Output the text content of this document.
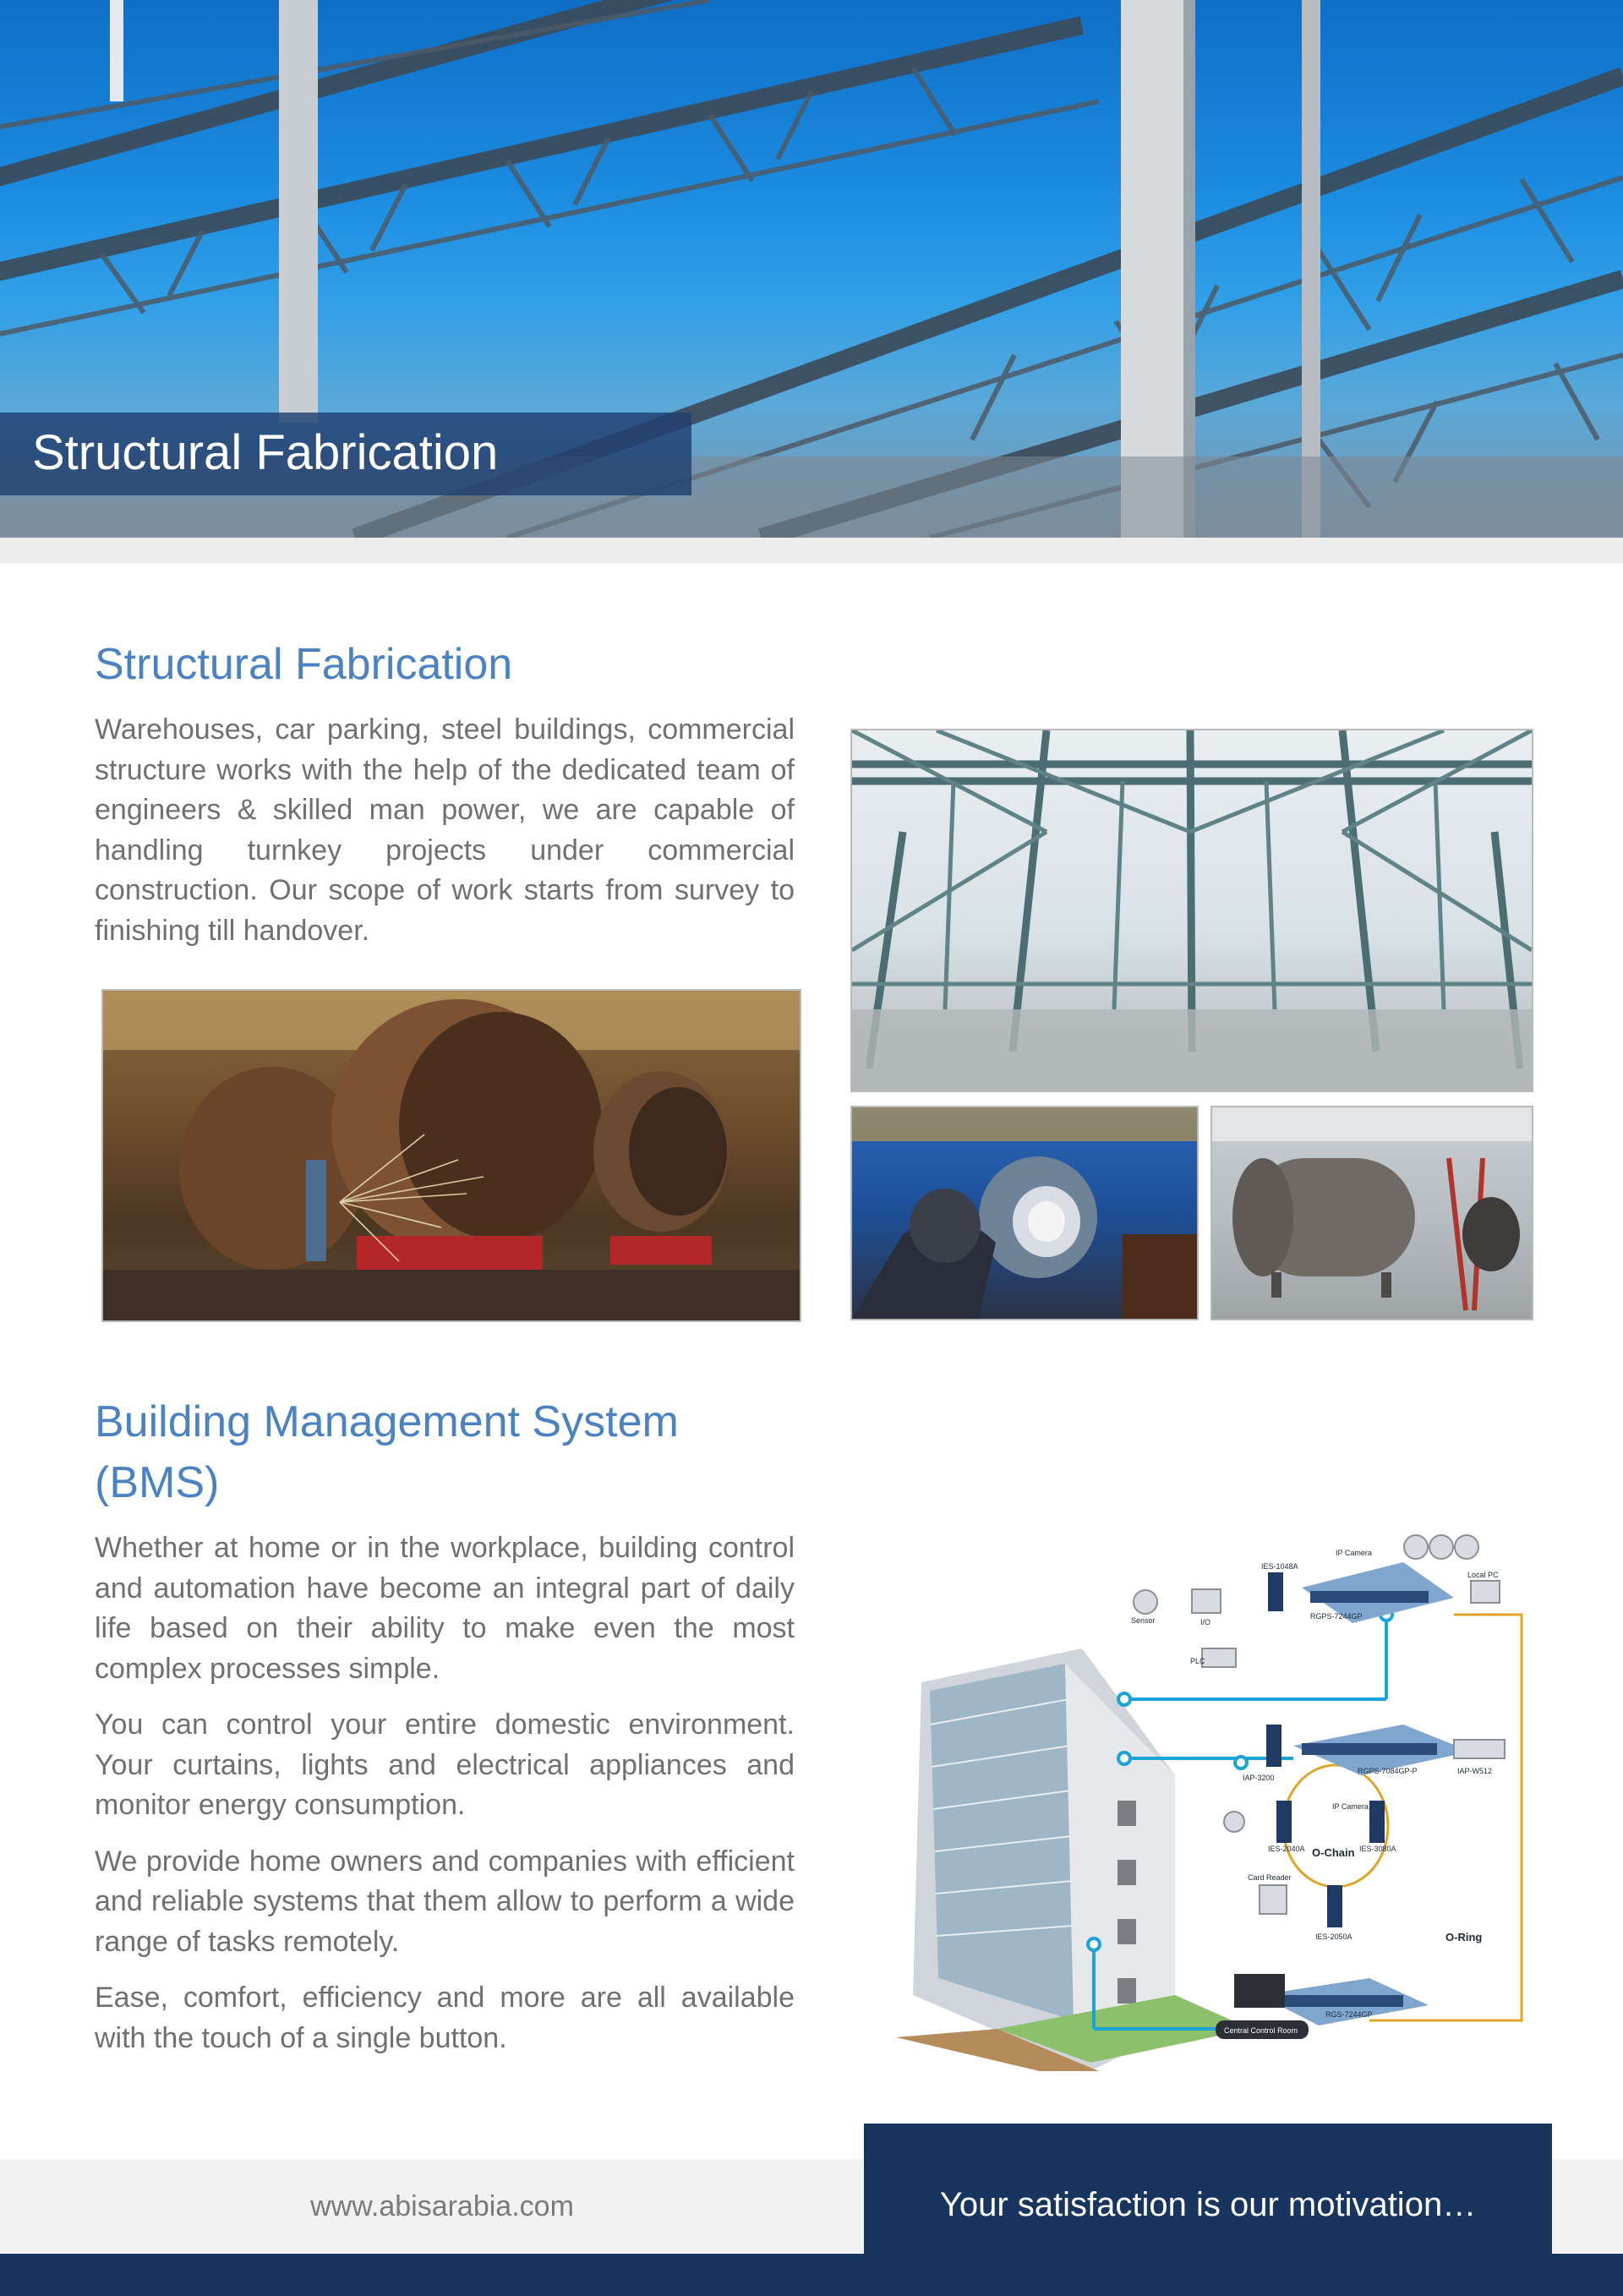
Structural Fabrication
Structural Fabrication

Warehouses, car parking, steel buildings, commercial structure works with the help of the dedicated team of engineers & skilled man power, we are capable of handling turnkey projects under commercial construction. Our scope of work starts from survey to finishing till handover.

Building Management System (BMS)

Whether at home or in the workplace, building control and automation have become an integral part of daily life based on their ability to make even the most complex processes simple.

You can control your entire domestic environment. Your curtains, lights and electrical appliances and monitor energy consumption.

We provide home owners and companies with efficient and reliable systems that them allow to perform a wide range of tasks remotely.

Ease, comfort, efficiency and more are all available with the touch of a single button.

IP Camera
IES-1048A
Local PC
Sensor	I/O
PLC
RGPS-7244GP
IAP-3200
RGPS-7084GP-P	IAP-W512
IES-2040A	IES-3080A
IP Camera
Card Reader
IES-2050A
RGS-7244GP
O-Chain
O-Ring
Central Control Room
www.abisarabia.com	Your satisfaction is our motivation…
